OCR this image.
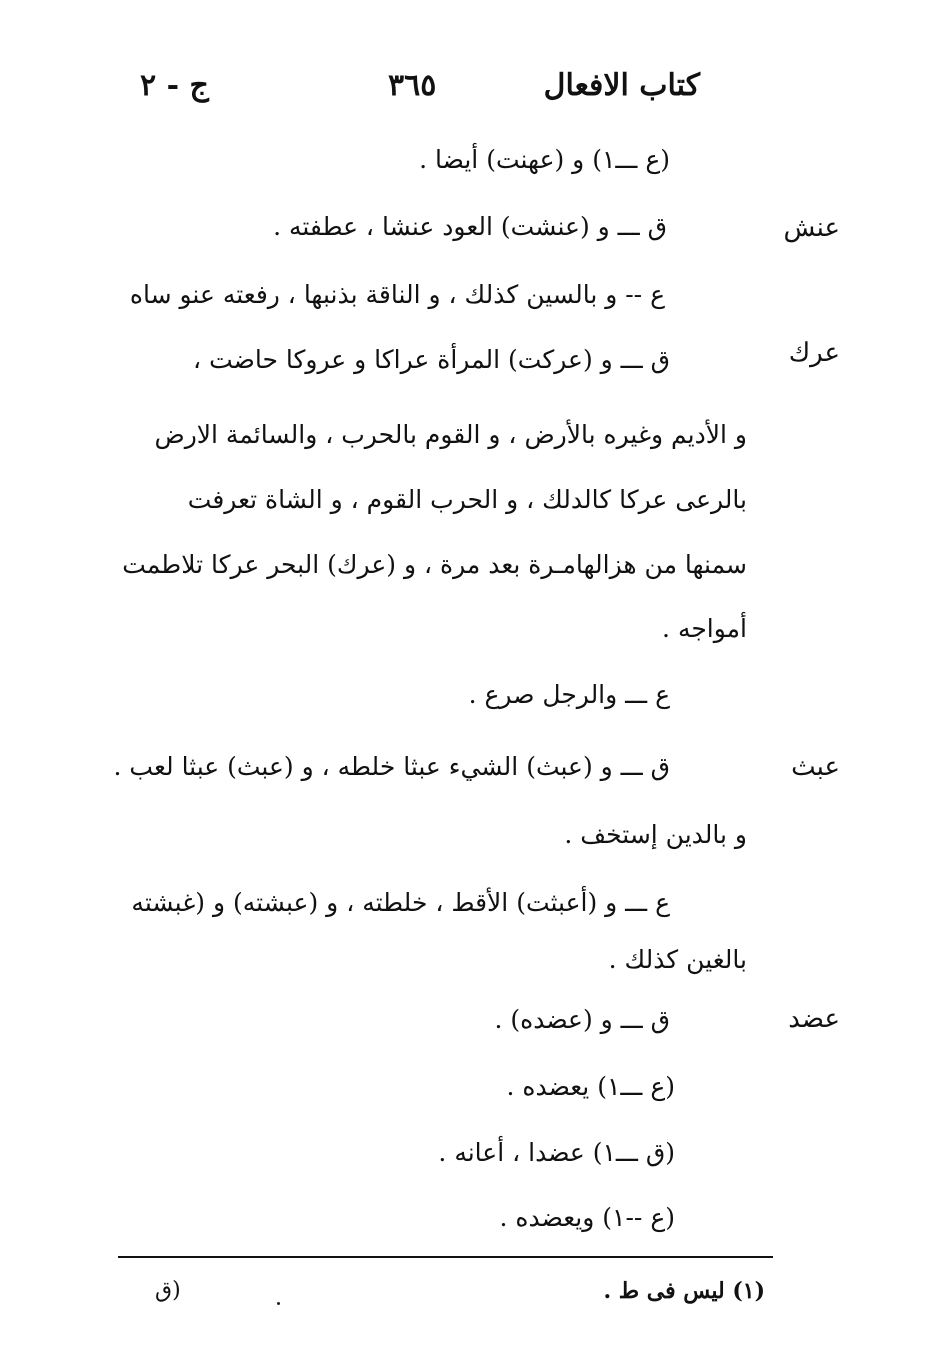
كتاب الافعال
٣٦٥
ج - ٢
عنش
عرك
عبث
عضد
(ع ـــ١) و (عهنت) أيضا .
ق ـــ و (عنشت) العود عنشا ، عطفته .
ع -- و بالسين كذلك ، و الناقة بذنبها ، رفعته عنو ساه
ق ـــ و (عركت) المرأة عراكا و عروكا حاضت ،
و الأديم وغيره بالأرض ، و القوم بالحرب ، والسائمة الارض
بالرعى عركا كالدلك ، و الحرب القوم ، و الشاة تعرفت
سمنها من هزالهامـرة بعد مرة ، و (عرك) البحر عركا تلاطمت
أمواجه .
ع ـــ والرجل صرع .
ق ـــ و (عبث) الشيء عبثا خلطه ، و (عبث) عبثا لعب .
و بالدين إستخف .
ع ـــ و (أعبثت) الأقط ، خلطته ، و (عبشته) و (غبشته
بالغين كذلك .
ق ـــ و (عضده) .
(ع ـــ١) يعضده .
(ق ـــ١) عضدا ، أعانه .
(ع --١) ويعضده .
(١) ليس فى ط .
(ق
